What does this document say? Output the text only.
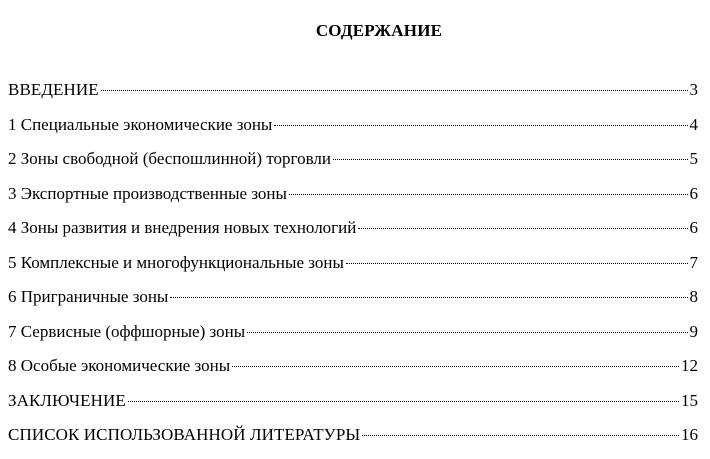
СОДЕРЖАНИЕ
ВВЕДЕНИЕ	3
1 Специальные экономические зоны	4
2 Зоны свободной (беспошлинной) торговли	5
3 Экспортные производственные зоны	6
4 Зоны развития и внедрения новых технологий	6
5 Комплексные и многофункциональные зоны	7
6 Приграничные зоны	8
7 Сервисные (оффшорные) зоны	9
8 Особые экономические зоны	12
ЗАКЛЮЧЕНИЕ	15
СПИСОК ИСПОЛЬЗОВАННОЙ ЛИТЕРАТУРЫ	16
